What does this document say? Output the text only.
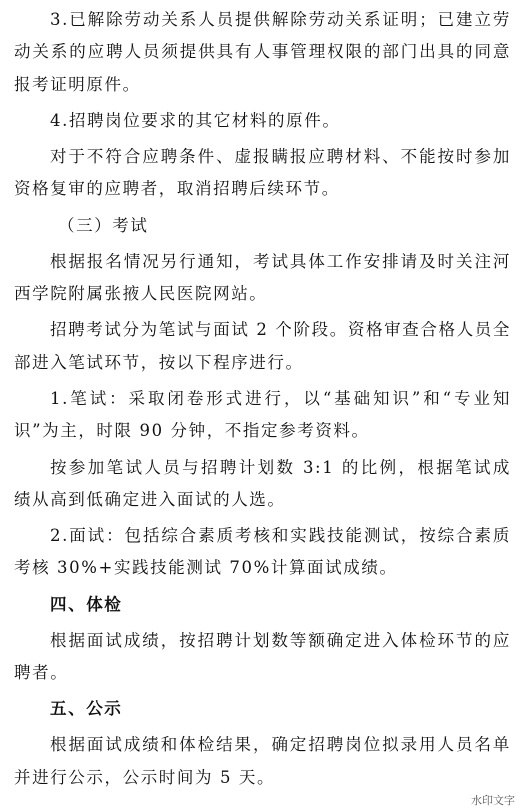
3.已解除劳动关系人员提供解除劳动关系证明；已建立劳动关系的应聘人员须提供具有人事管理权限的部门出具的同意报考证明原件。

4.招聘岗位要求的其它材料的原件。

对于不符合应聘条件、虚报瞒报应聘材料、不能按时参加资格复审的应聘者，取消招聘后续环节。

（三）考试

根据报名情况另行通知，考试具体工作安排请及时关注河西学院附属张掖人民医院网站。

招聘考试分为笔试与面试 2 个阶段。资格审查合格人员全部进入笔试环节，按以下程序进行。

1.笔试：采取闭卷形式进行，以“基础知识”和“专业知识”为主，时限 90 分钟，不指定参考资料。

按参加笔试人员与招聘计划数 3:1 的比例，根据笔试成绩从高到低确定进入面试的人选。

2.面试：包括综合素质考核和实践技能测试，按综合素质考核 30%+实践技能测试 70%计算面试成绩。

四、体检

根据面试成绩，按招聘计划数等额确定进入体检环节的应聘者。

五、公示

根据面试成绩和体检结果，确定招聘岗位拟录用人员名单并进行公示，公示时间为 5 天。

水印文字
